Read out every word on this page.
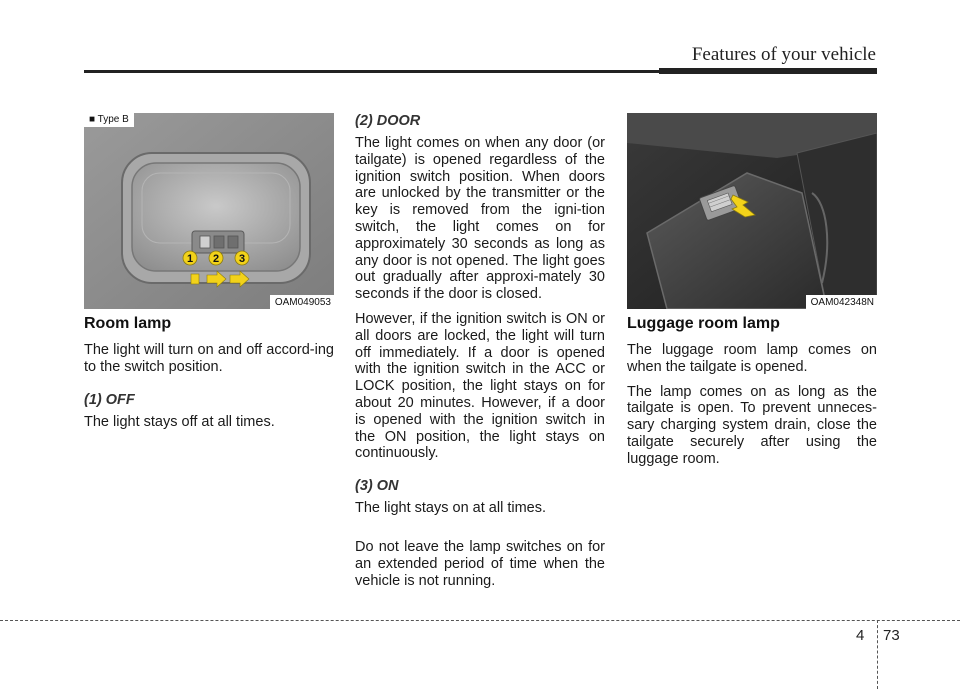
Features of your vehicle
1 2 3
■ Type B
OAM049053
Room lamp

The light will turn on and off accord-ing to the switch position.

(1) OFF

The light stays off at all times.

(2) DOOR

The light comes on when any door (or tailgate) is opened regardless of the ignition switch position. When doors are unlocked by the transmitter or the key is removed from the igni-tion switch, the light comes on for approximately 30 seconds as long as any door is not opened. The light goes out gradually after approxi-mately 30 seconds if the door is closed.

However, if the ignition switch is ON or all doors are locked, the light will turn off immediately. If a door is opened with the ignition switch in the ACC or LOCK position, the light stays on for about 20 minutes. However, if a door is opened with the ignition switch in the ON position, the light stays on continuously.

(3) ON

The light stays on at all times.

Do not leave the lamp switches on for an extended period of time when the vehicle is not running.

OAM042348N
Luggage room lamp

The luggage room lamp comes on when the tailgate is opened.

The lamp comes on as long as the tailgate is open. To prevent unneces-sary charging system drain, close the tailgate securely after using the luggage room.

4 73
